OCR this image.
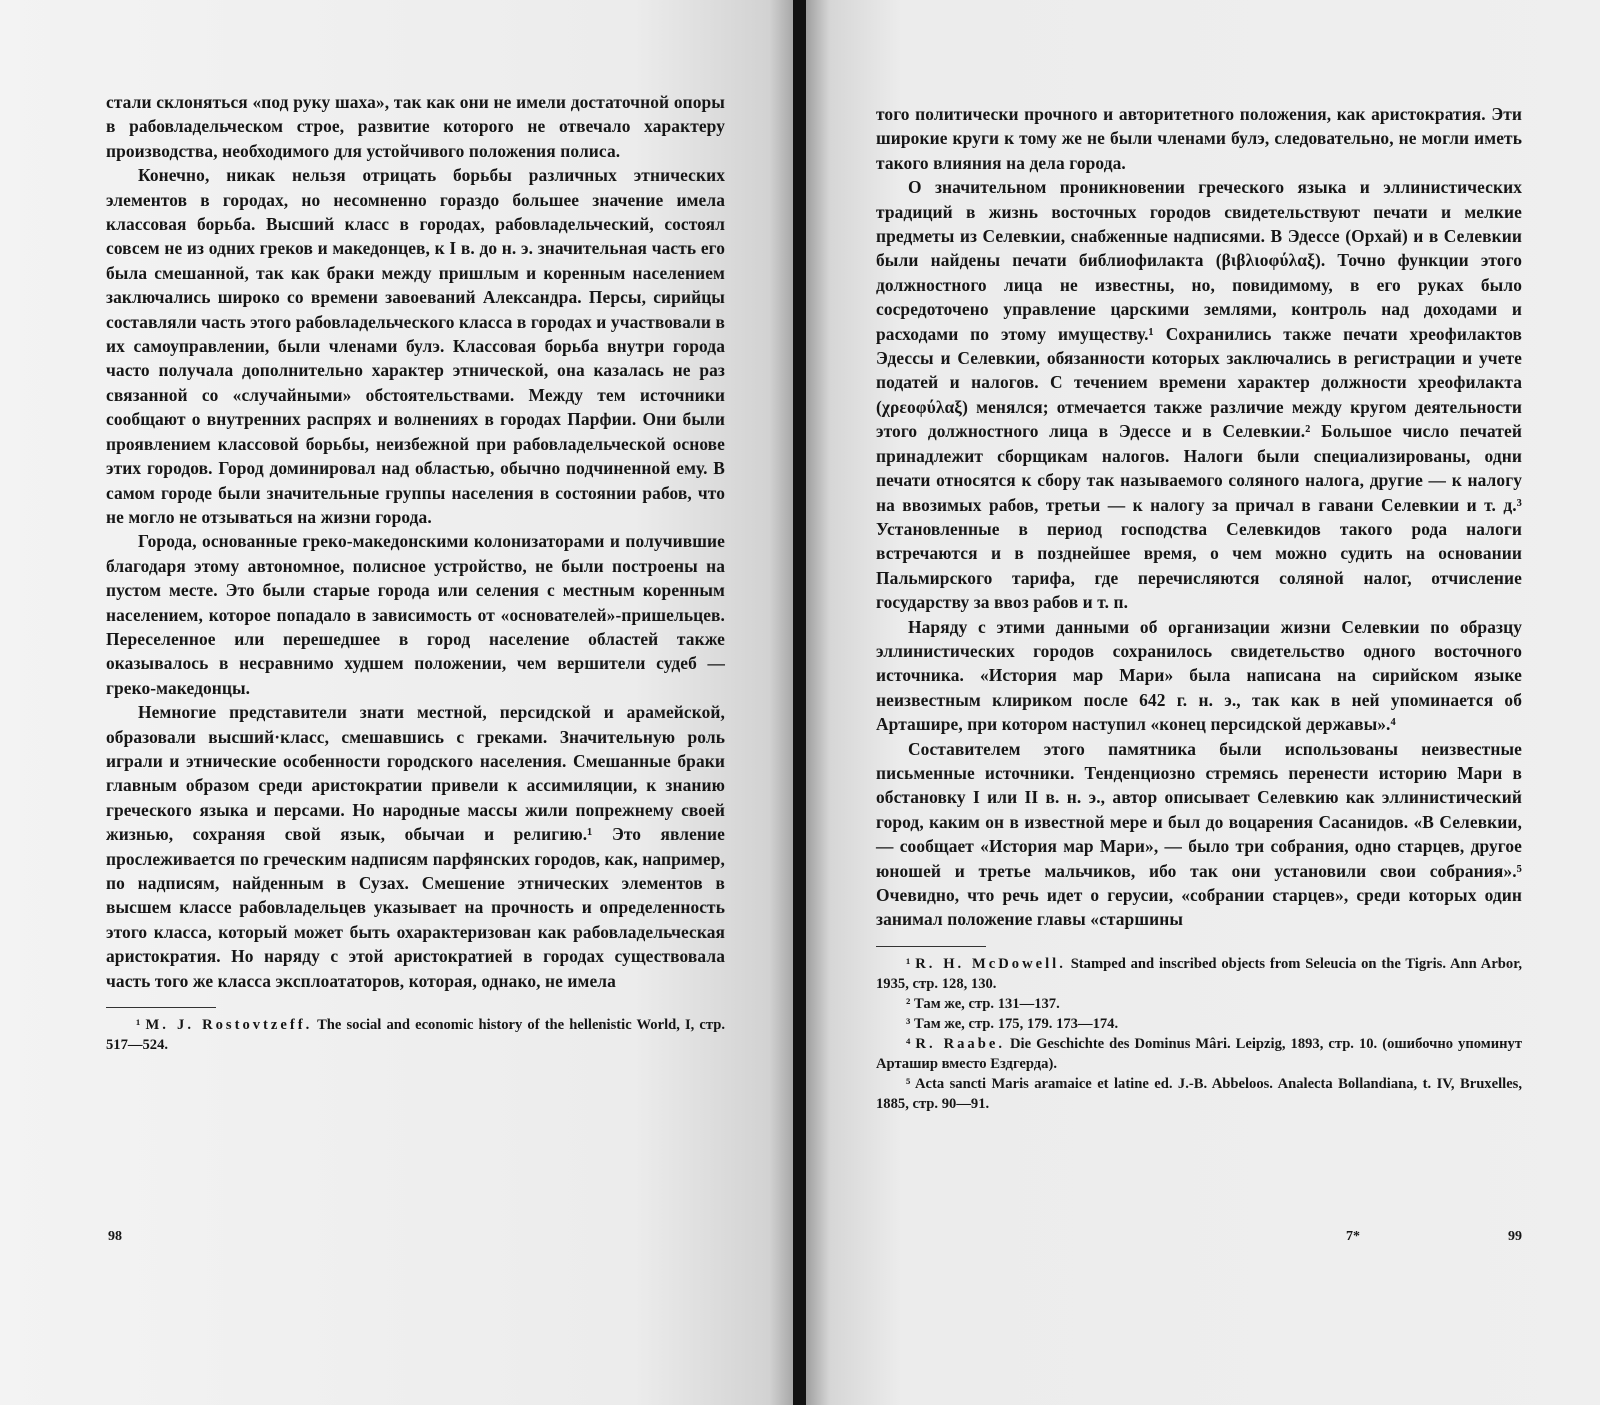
стали склоняться «под руку шаха», так как они не имели достаточной опоры в рабовладельческом строе, развитие которого не отвечало характеру производства, необходимого для устойчивого положения полиса.

Конечно, никак нельзя отрицать борьбы различных этнических элементов в городах, но несомненно гораздо большее значение имела классовая борьба. Высший класс в городах, рабовладельческий, состоял совсем не из одних греков и македонцев, к I в. до н. э. значительная часть его была смешанной, так как браки между пришлым и коренным населением заключались широко со времени завоеваний Александра. Персы, сирийцы составляли часть этого рабовладельческого класса в городах и участвовали в их самоуправлении, были членами булэ. Классовая борьба внутри города часто получала дополнительно характер этнической, она казалась не раз связанной со «случайными» обстоятельствами. Между тем источники сообщают о внутренних распрях и волнениях в городах Парфии. Они были проявлением классовой борьбы, неизбежной при рабовладельческой основе этих городов. Город доминировал над областью, обычно подчиненной ему. В самом городе были значительные группы населения в состоянии рабов, что не могло не отзываться на жизни города.

Города, основанные греко-македонскими колонизаторами и получившие благодаря этому автономное, полисное устройство, не были построены на пустом месте. Это были старые города или селения с местным коренным населением, которое попадало в зависимость от «основателей»-пришельцев. Переселенное или перешедшее в город население областей также оказывалось в несравнимо худшем положении, чем вершители судеб — греко-македонцы.

Немногие представители знати местной, персидской и арамейской, образовали высший·класс, смешавшись с греками. Значительную роль играли и этнические особенности городского населения. Смешанные браки главным образом среди аристократии привели к ассимиляции, к знанию греческого языка и персами. Но народные массы жили попрежнему своей жизнью, сохраняя свой язык, обычаи и религию.¹ Это явление прослеживается по греческим надписям парфянских городов, как, например, по надписям, найденным в Сузах. Смешение этнических элементов в высшем классе рабовладельцев указывает на прочность и определенность этого класса, который может быть охарактеризован как рабовладельческая аристократия. Но наряду с этой аристократией в городах существовала часть того же класса эксплоататоров, которая, однако, не имела

¹ M. J. Rostovtzeff. The social and economic history of the hellenistic World, I, стр. 517—524.

98

того политически прочного и авторитетного положения, как аристократия. Эти широкие круги к тому же не были членами булэ, следовательно, не могли иметь такого влияния на дела города.

О значительном проникновении греческого языка и эллинистических традиций в жизнь восточных городов свидетельствуют печати и мелкие предметы из Селевкии, снабженные надписями. В Эдессе (Орхай) и в Селевкии были найдены печати библиофилакта (βιβλιοφύλαξ). Точно функции этого должностного лица не известны, но, повидимому, в его руках было сосредоточено управление царскими землями, контроль над доходами и расходами по этому имуществу.¹ Сохранились также печати хреофилактов Эдессы и Селевкии, обязанности которых заключались в регистрации и учете податей и налогов. С течением времени характер должности хреофилакта (χρεοφύλαξ) менялся; отмечается также различие между кругом деятельности этого должностного лица в Эдессе и в Селевкии.² Большое число печатей принадлежит сборщикам налогов. Налоги были специализированы, одни печати относятся к сбору так называемого соляного налога, другие — к налогу на ввозимых рабов, третьи — к налогу за причал в гавани Селевкии и т. д.³ Установленные в период господства Селевкидов такого рода налоги встречаются и в позднейшее время, о чем можно судить на основании Пальмирского тарифа, где перечисляются соляной налог, отчисление государству за ввоз рабов и т. п.

Наряду с этими данными об организации жизни Селевкии по образцу эллинистических городов сохранилось свидетельство одного восточного источника. «История мар Мари» была написана на сирийском языке неизвестным клириком после 642 г. н. э., так как в ней упоминается об Арташире, при котором наступил «конец персидской державы».⁴

Составителем этого памятника были использованы неизвестные письменные источники. Тенденциозно стремясь перенести историю Мари в обстановку I или II в. н. э., автор описывает Селевкию как эллинистический город, каким он в известной мере и был до воцарения Сасанидов. «В Селевкии, — сообщает «История мар Мари», — было три собрания, одно старцев, другое юношей и третье мальчиков, ибо так они установили свои собрания».⁵ Очевидно, что речь идет о герусии, «собрании старцев», среди которых один занимал положение главы «старшины

¹ R. H. McDowell. Stamped and inscribed objects from Seleucia on the Tigris. Ann Arbor, 1935, стр. 128, 130.

² Там же, стр. 131—137.

³ Там же, стр. 175, 179. 173—174.

⁴ R. Raabe. Die Geschichte des Dominus Mâri. Leipzig, 1893, стр. 10. (ошибочно упоминут Арташир вместо Ездгерда).

⁵ Acta sancti Maris aramaice et latine ed. J.-B. Abbeloos. Analecta Bollandiana, t. IV, Bruxelles, 1885, стр. 90—91.

7*	99
